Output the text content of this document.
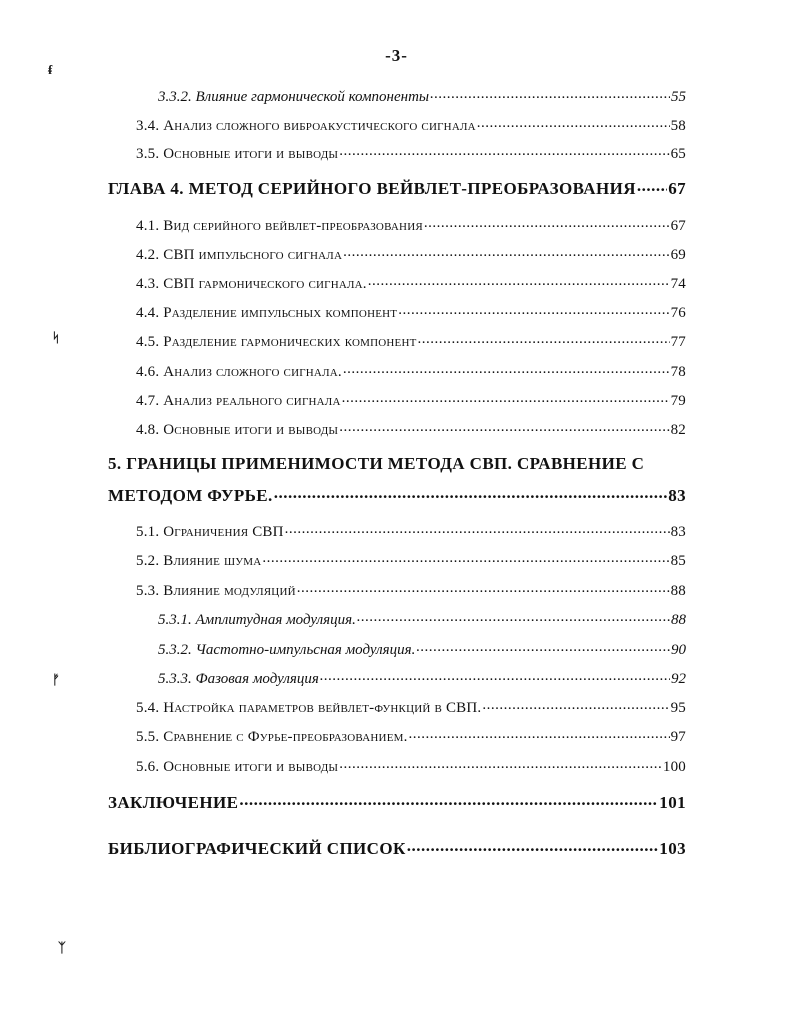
-3-
ᵮ
ᛋ
ᚠ
ᛉ
3.3.2. Влияние гармонической компоненты .....	55
3.4. Анализ сложного виброакустического сигнала .....	58
3.5. Основные итоги и выводы .....	65
ГЛАВА 4. МЕТОД СЕРИЙНОГО ВЕЙВЛЕТ-ПРЕОБРАЗОВАНИЯ ..... 67
4.1. Вид серийного вейвлет-преобразования .....	67
4.2. СВП импульсного сигнала .....	69
4.3. СВП гармонического сигнала. .....	74
4.4. Разделение импульсных компонент .....	76
4.5. Разделение гармонических компонент .....	77
4.6. Анализ сложного сигнала. .....	78
4.7. Анализ реального сигнала .....	79
4.8. Основные итоги и выводы .....	82
5. ГРАНИЦЫ ПРИМЕНИМОСТИ МЕТОДА СВП. СРАВНЕНИЕ С
МЕТОДОМ ФУРЬЕ. .....	83
5.1. Ограничения СВП .....	83
5.2. Влияние шума .....	85
5.3. Влияние модуляций .....	88
5.3.1. Амплитудная модуляция. .....	88
5.3.2. Частотно-импульсная модуляция. .....	90
5.3.3. Фазовая модуляция .....	92
5.4. Настройка параметров вейвлет-функций в СВП. .....	95
5.5. Сравнение с Фурье-преобразованием. .....	97
5.6. Основные итоги и выводы .....	100
ЗАКЛЮЧЕНИЕ .....	101
БИБЛИОГРАФИЧЕСКИЙ СПИСОК .....	103
